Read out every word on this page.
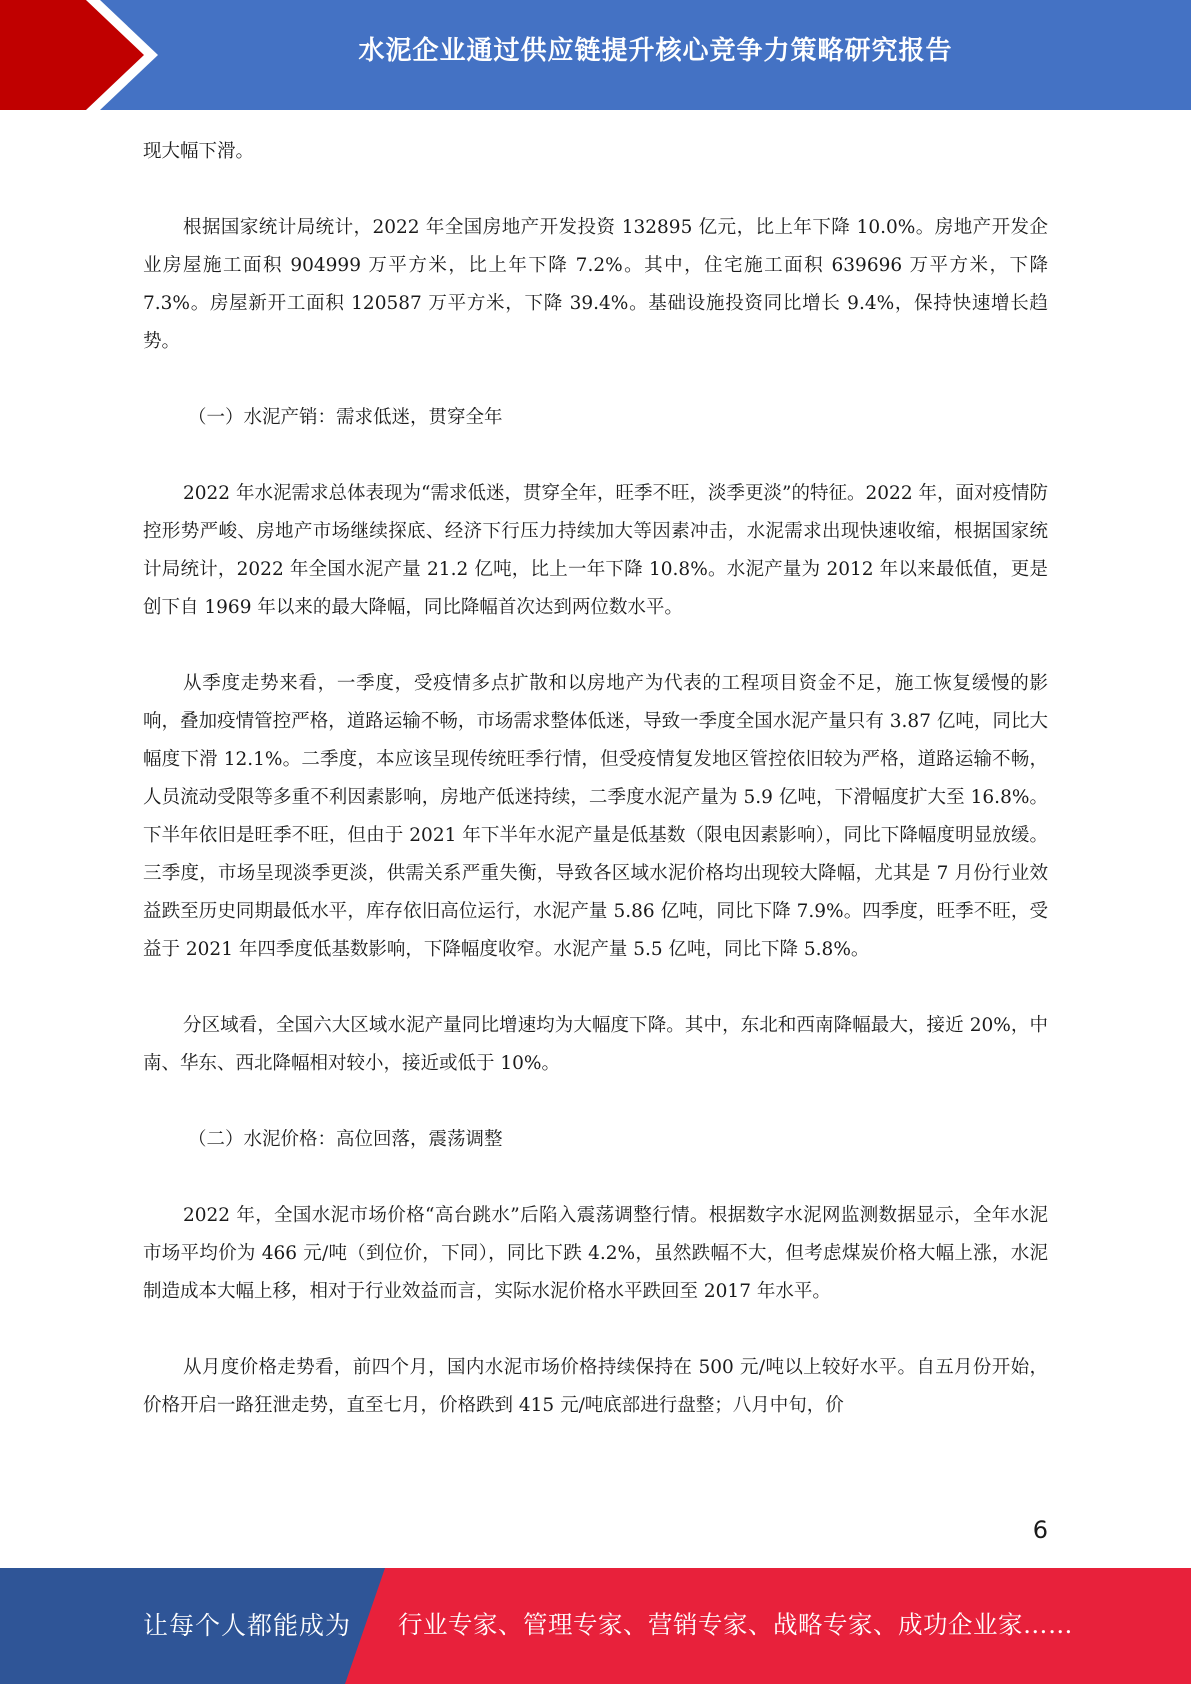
水泥企业通过供应链提升核心竞争力策略研究报告

现大幅下滑。

根据国家统计局统计，2022 年全国房地产开发投资 132895 亿元，比上年下降 10.0%。房地产开发企业房屋施工面积 904999 万平方米，比上年下降 7.2%。其中，住宅施工面积 639696 万平方米，下降 7.3%。房屋新开工面积 120587 万平方米，下降 39.4%。基础设施投资同比增长 9.4%，保持快速增长趋势。

（一）水泥产销：需求低迷，贯穿全年

2022 年水泥需求总体表现为“需求低迷，贯穿全年，旺季不旺，淡季更淡”的特征。2022 年，面对疫情防控形势严峻、房地产市场继续探底、经济下行压力持续加大等因素冲击，水泥需求出现快速收缩，根据国家统计局统计，2022 年全国水泥产量 21.2 亿吨，比上一年下降 10.8%。水泥产量为 2012 年以来最低值，更是创下自 1969 年以来的最大降幅，同比降幅首次达到两位数水平。

从季度走势来看，一季度，受疫情多点扩散和以房地产为代表的工程项目资金不足，施工恢复缓慢的影响，叠加疫情管控严格，道路运输不畅，市场需求整体低迷，导致一季度全国水泥产量只有 3.87 亿吨，同比大幅度下滑 12.1%。二季度，本应该呈现传统旺季行情，但受疫情复发地区管控依旧较为严格，道路运输不畅，人员流动受限等多重不利因素影响，房地产低迷持续，二季度水泥产量为 5.9 亿吨，下滑幅度扩大至 16.8%。下半年依旧是旺季不旺，但由于 2021 年下半年水泥产量是低基数（限电因素影响），同比下降幅度明显放缓。三季度，市场呈现淡季更淡，供需关系严重失衡，导致各区域水泥价格均出现较大降幅，尤其是 7 月份行业效益跌至历史同期最低水平，库存依旧高位运行，水泥产量 5.86 亿吨，同比下降 7.9%。四季度，旺季不旺，受益于 2021 年四季度低基数影响，下降幅度收窄。水泥产量 5.5 亿吨，同比下降 5.8%。

分区域看，全国六大区域水泥产量同比增速均为大幅度下降。其中，东北和西南降幅最大，接近 20%，中南、华东、西北降幅相对较小，接近或低于 10%。

（二）水泥价格：高位回落，震荡调整

2022 年，全国水泥市场价格“高台跳水”后陷入震荡调整行情。根据数字水泥网监测数据显示，全年水泥市场平均价为 466 元/吨（到位价，下同），同比下跌 4.2%，虽然跌幅不大，但考虑煤炭价格大幅上涨，水泥制造成本大幅上移，相对于行业效益而言，实际水泥价格水平跌回至 2017 年水平。

从月度价格走势看，前四个月，国内水泥市场价格持续保持在 500 元/吨以上较好水平。自五月份开始，价格开启一路狂泄走势，直至七月，价格跌到 415 元/吨底部进行盘整；八月中旬，价

6
让每个人都能成为 行业专家、管理专家、营销专家、战略专家、成功企业家……
